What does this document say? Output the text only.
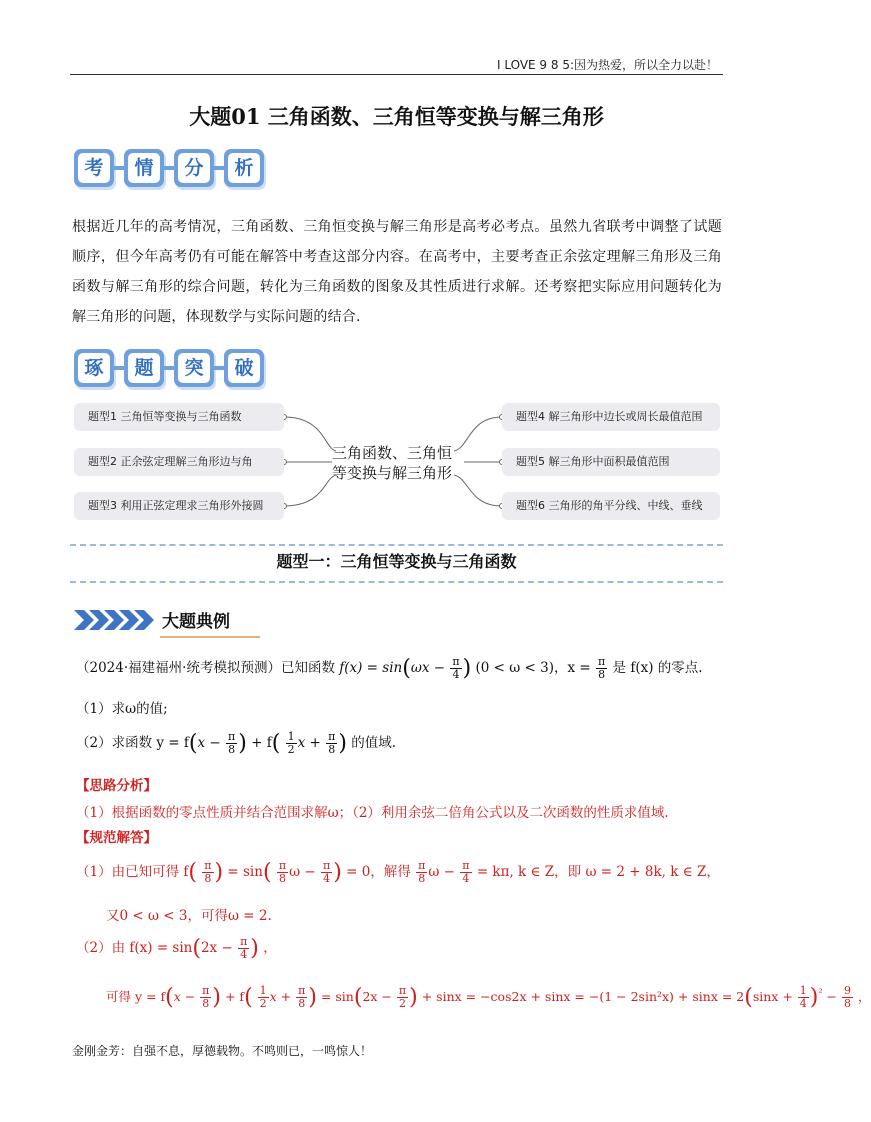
I LOVE 9 8 5:因为热爱，所以全力以赴！
大题01 三角函数、三角恒等变换与解三角形
考	情	分	析
根据近几年的高考情况，三角函数、三角恒变换与解三角形是高考必考点。虽然九省联考中调整了试题顺序，但今年高考仍有可能在解答中考查这部分内容。在高考中，主要考查正余弦定理解三角形及三角函数与解三角形的综合问题，转化为三角函数的图象及其性质进行求解。还考察把实际应用问题转化为解三角形的问题，体现数学与实际问题的结合.
琢	题	突	破
题型1 三角恒等变换与三角函数
题型2 正余弦定理解三角形边与角
题型3 利用正弦定理求三角形外接圆
三角函数、三角恒
等变换与解三角形
题型4 解三角形中边长或周长最值范围
题型5 解三角形中面积最值范围
题型6 三角形的角平分线、中线、垂线
题型一：三角恒等变换与三角函数
大题典例
（2024·福建福州·统考模拟预测）已知函数 $f(x) = \sin(\omega x - \frac{\pi}{4}$ ) (0 < ω < 3)，$x = \frac{\pi}{8}$ 是 f(x) 的零点.
（1）求ω的值;
（2）求函数 $y = f(x - \frac{\pi}{8}$ ) + $f( \frac{1}{2}$ $x + \frac{\pi}{8}$ ) 的值域.
【思路分析】
（1）根据函数的零点性质并结合范围求解ω；（2）利用余弦二倍角公式以及二次函数的性质求值域.
【规范解答】
（1）由已知可得 $f( \frac{\pi}{8}$ ) = $\sin( \frac{\pi}{8}$ $\omega - \frac{\pi}{4}$ ) = 0，解得 $\frac{\pi}{8}$ $\omega - \frac{\pi}{4} = k\pi$, k ∈ Z，即 ω = 2 + 8k, k ∈ Z，
又0 < ω < 3，可得ω = 2.
（2）由 $f(x) = \sin(2x - \frac{\pi}{4}$ ) ，
可得 $y = f(x - \frac{\pi}{8}$ ) + $f( \frac{1}{2}$ $x + \frac{\pi}{8}$ ) = $\sin(2x - \frac{\pi}{2}$ ) + $\sin x = -\cos 2x + \sin x = -(1 - 2\sin^2x) + \sin x = 2(\sin x + \frac{1}{4} )^{^2} - \frac{9}{8}$ ，
金刚金芳：自强不息，厚德载物。不鸣则已，一鸣惊人！
